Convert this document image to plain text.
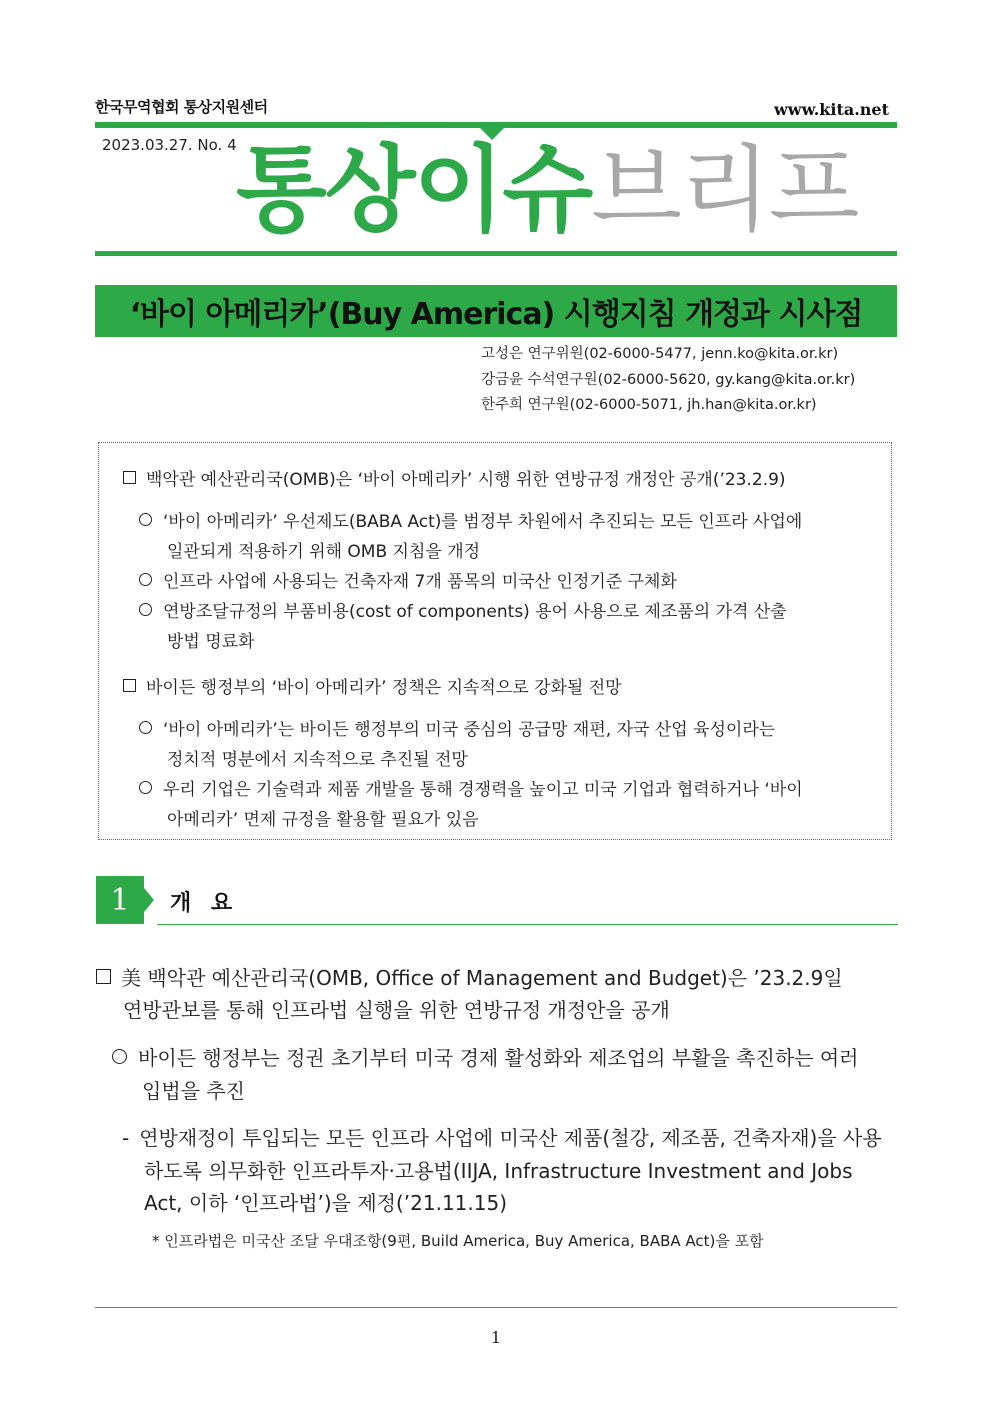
한국무역협회 통상지원센터	www.kita.net
2023.03.27. No. 4 통상이슈브리프
‘바이 아메리카’(Buy America) 시행지침 개정과 시사점
고성은 연구위원(02-6000-5477, jenn.ko@kita.or.kr)
강금윤 수석연구원(02-6000-5620, gy.kang@kita.or.kr)
한주희 연구원(02-6000-5071, jh.han@kita.or.kr)
백악관 예산관리국(OMB)은 ‘바이 아메리카’ 시행 위한 연방규정 개정안 공개(’23.2.9)
‘바이 아메리카’ 우선제도(BABA Act)를 범정부 차원에서 추진되는 모든 인프라 사업에
일관되게 적용하기 위해 OMB 지침을 개정
인프라 사업에 사용되는 건축자재 7개 품목의 미국산 인정기준 구체화
연방조달규정의 부품비용(cost of components) 용어 사용으로 제조품의 가격 산출
방법 명료화
바이든 행정부의 ‘바이 아메리카’ 정책은 지속적으로 강화될 전망
‘바이 아메리카’는 바이든 행정부의 미국 중심의 공급망 재편, 자국 산업 육성이라는
정치적 명분에서 지속적으로 추진될 전망
우리 기업은 기술력과 제품 개발을 통해 경쟁력을 높이고 미국 기업과 협력하거나 ‘바이
아메리카’ 면제 규정을 활용할 필요가 있음
1	개 요
美 백악관 예산관리국(OMB, Office of Management and Budget)은 ’23.2.9일
연방관보를 통해 인프라법 실행을 위한 연방규정 개정안을 공개
바이든 행정부는 정권 초기부터 미국 경제 활성화와 제조업의 부활을 촉진하는 여러
입법을 추진
- 연방재정이 투입되는 모든 인프라 사업에 미국산 제품(철강, 제조품, 건축자재)을 사용
하도록 의무화한 인프라투자·고용법(IIJA, Infrastructure Investment and Jobs
Act, 이하 ‘인프라법’)을 제정(’21.11.15)
* 인프라법은 미국산 조달 우대조항(9편, Build America, Buy America, BABA Act)을 포함
1
